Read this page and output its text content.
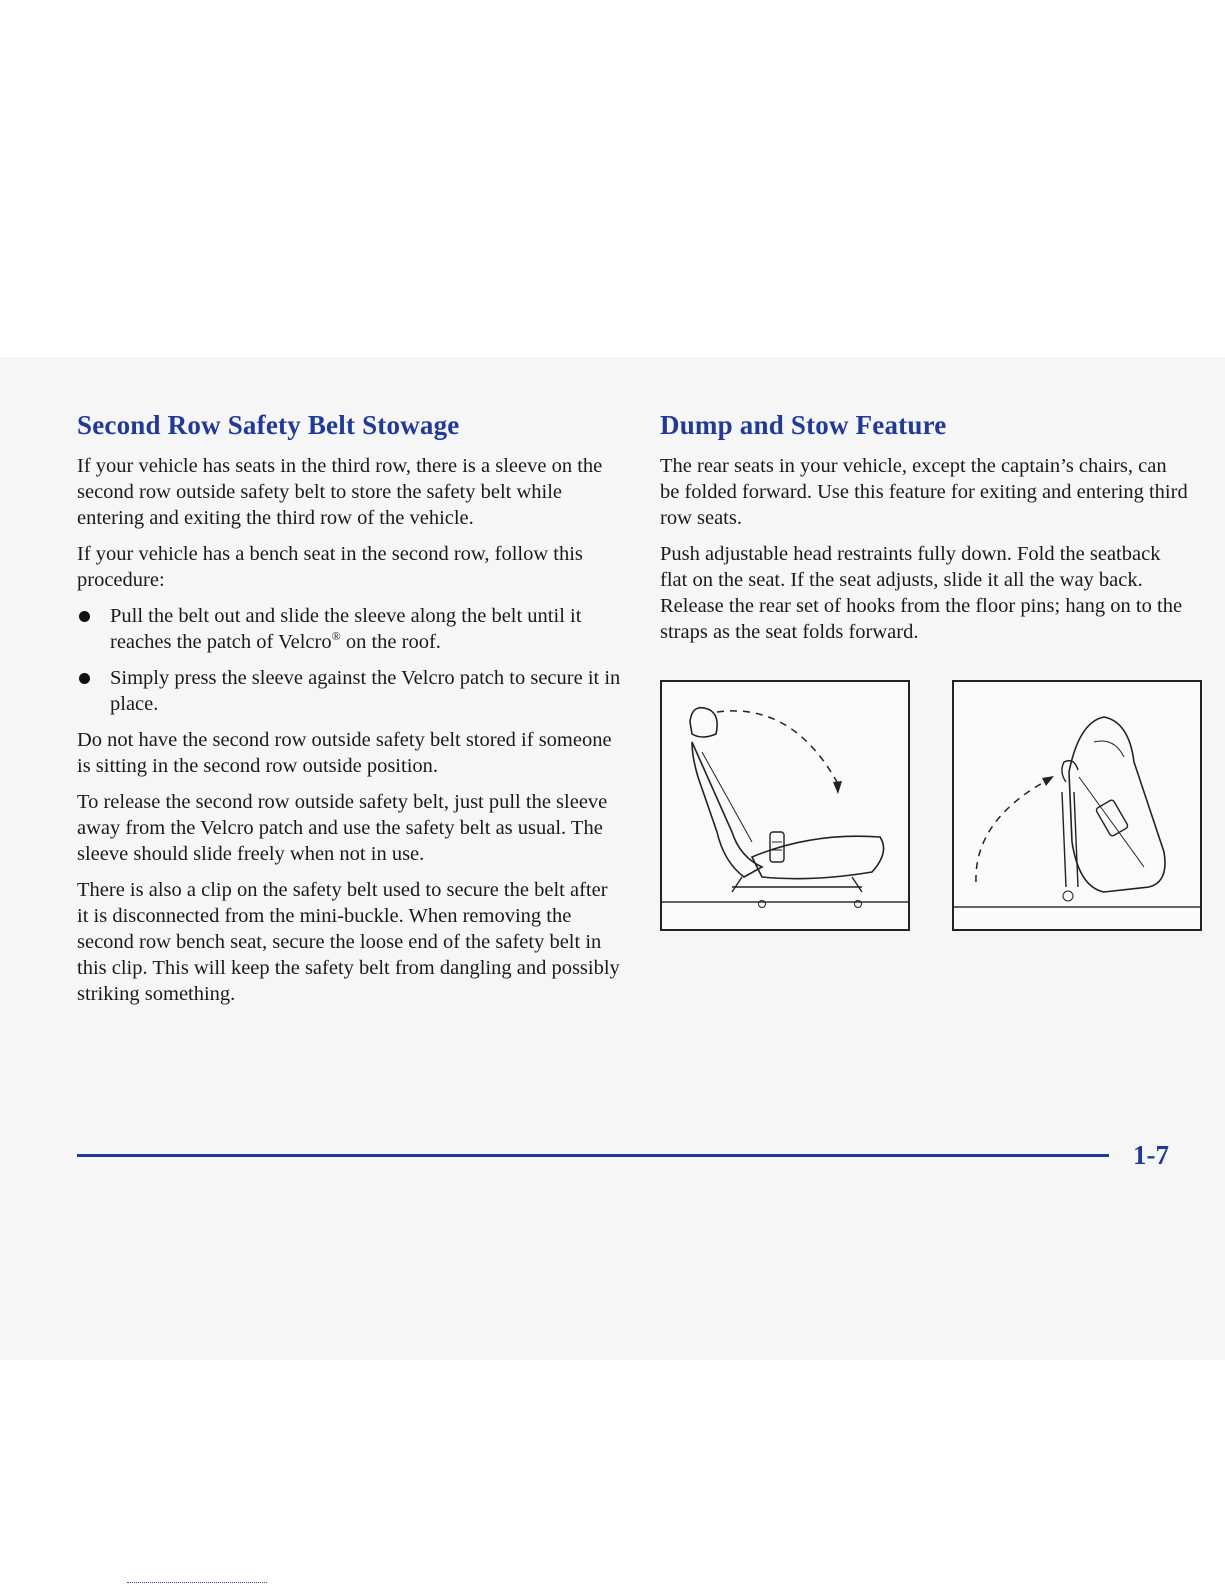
Second Row Safety Belt Stowage

If your vehicle has seats in the third row, there is a sleeve on the second row outside safety belt to store the safety belt while entering and exiting the third row of the vehicle.

If your vehicle has a bench seat in the second row, follow this procedure:

Pull the belt out and slide the sleeve along the belt until it reaches the patch of Velcro® on the roof.
Simply press the sleeve against the Velcro patch to secure it in place.

Do not have the second row outside safety belt stored if someone is sitting in the second row outside position.

To release the second row outside safety belt, just pull the sleeve away from the Velcro patch and use the safety belt as usual. The sleeve should slide freely when not in use.

There is also a clip on the safety belt used to secure the belt after it is disconnected from the mini-buckle. When removing the second row bench seat, secure the loose end of the safety belt in this clip. This will keep the safety belt from dangling and possibly striking something.

Dump and Stow Feature

The rear seats in your vehicle, except the captain’s chairs, can be folded forward. Use this feature for exiting and entering third row seats.

Push adjustable head restraints fully down. Fold the seatback flat on the seat. If the seat adjusts, slide it all the way back. Release the rear set of hooks from the floor pins; hang on to the straps as the seat folds forward.

1-7
